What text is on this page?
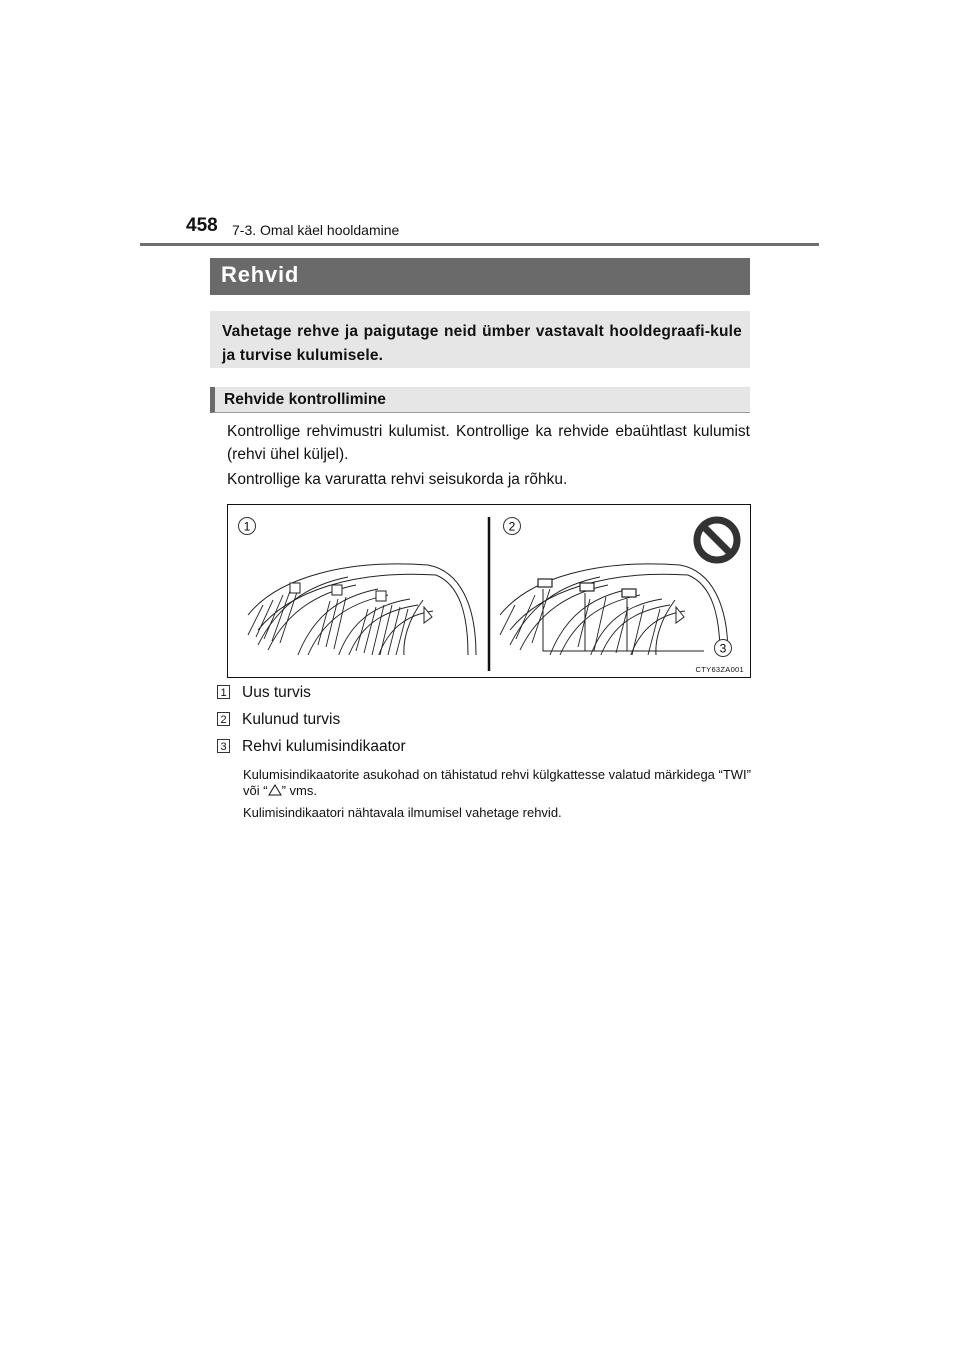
458 7-3. Omal käel hooldamine
Rehvid
Vahetage rehve ja paigutage neid ümber vastavalt hooldegraafi-kule ja turvise kulumisele.
Rehvide kontrollimine
Kontrollige rehvimustri kulumist. Kontrollige ka rehvide ebaühtlast kulumist (rehvi ühel küljel).
Kontrollige ka varuratta rehvi seisukorda ja rõhku.
1	2
3
CTY63ZA001
1 Uus turvis
2 Kulunud turvis
3 Rehvi kulumisindikaator
Kulumisindikaatorite asukohad on tähistatud rehvi külgkattesse valatud märkidega “TWI” või “ ” vms.
Kulimisindikaatori nähtavala ilmumisel vahetage rehvid.
